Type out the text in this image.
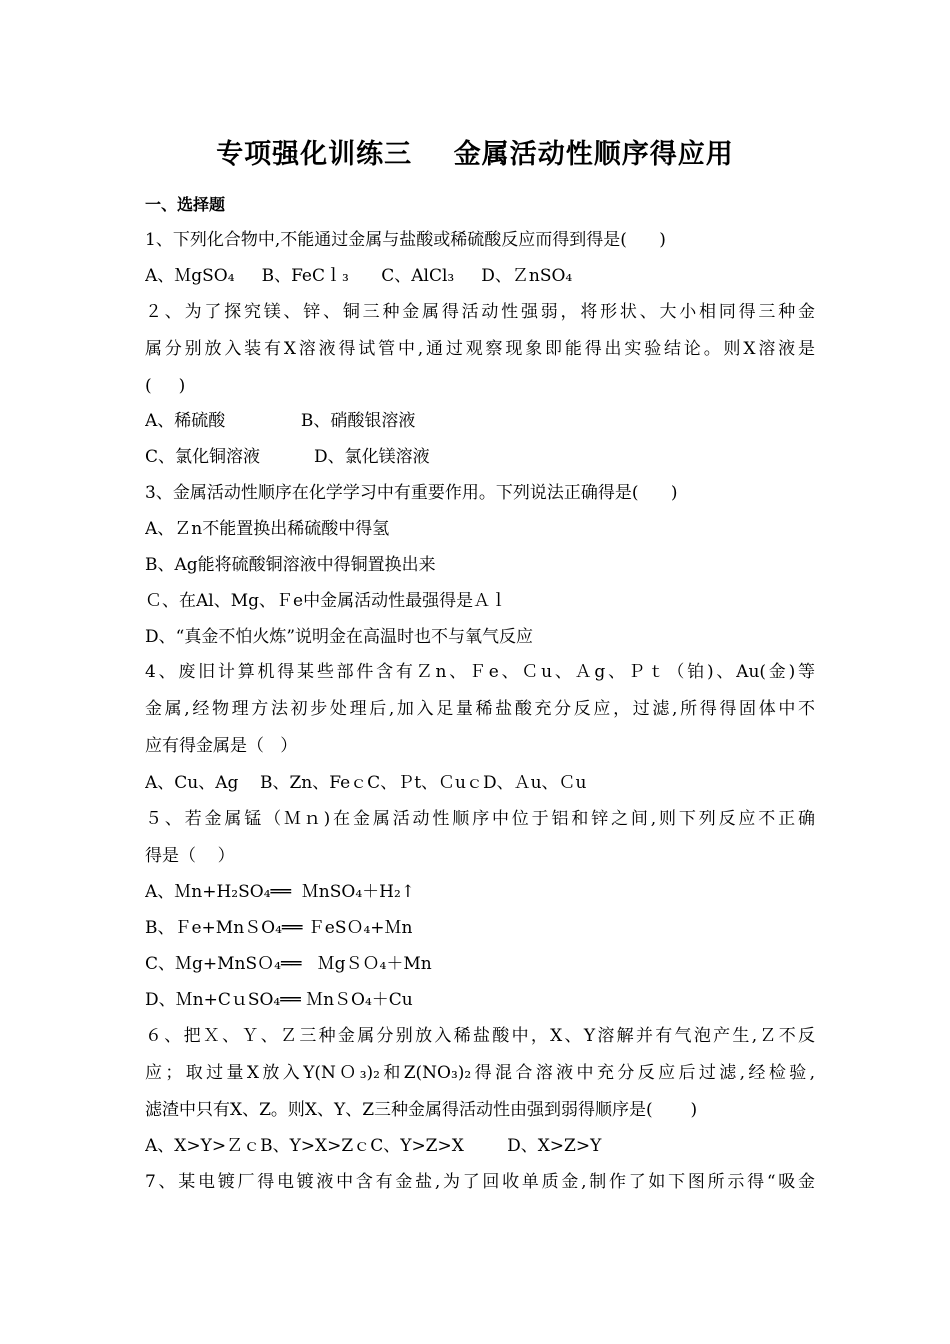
专项强化训练三    金属活动性顺序得应用
一、选择题
1、下列化合物中,不能通过金属与盐酸或稀硫酸反应而得到得是(      )
A、ＭgSO₄     B、FeCｌ₃      C、AlCl₃     D、ＺnSO₄
２、为了探究镁、锌、铜三种金属得活动性强弱，将形状、大小相同得三种金
属分别放入装有X溶液得试管中,通过观察现象即能得出实验结论。则X溶液是
(     )
A、稀硫酸              B、硝酸银溶液
C、氯化铜溶液          D、氯化镁溶液
3、金属活动性顺序在化学学习中有重要作用。下列说法正确得是(      )
A、Ｚn不能置换出稀硫酸中得氢
B、Ag能将硫酸铜溶液中得铜置换出来
Ｃ、在Al、Mg、Ｆe中金属活动性最强得是Ａｌ
D、“真金不怕火炼”说明金在高温时也不与氧气反应
4、废旧计算机得某些部件含有Ｚn、Ｆe、Ｃu、Ａg、Ｐｔ（铂)、Au(金)等
金属,经物理方法初步处理后,加入足量稀盐酸充分反应，过滤,所得得固体中不
应有得金属是（   ）
A、Cu、Ag    B、Zn、FeｃC、Ｐt、ＣuｃD、Ａu、Ｃu
５、若金属锰（Ｍｎ)在金属活动性顺序中位于铝和锌之间,则下列反应不正确
得是（    ）
A、Ｍn+H₂SO₄══  ＭnSO₄＋H₂↑
B、Ｆe+MnＳO₄══ ＦeSＯ₄+Ｍn
C、Ｍg+MnSＯ₄══   ＭgＳＯ₄＋Mn
D、Ｍn+CｕSO₄══ ＭnＳO₄＋Cu
６、把Ｘ、Ｙ、Ｚ三种金属分别放入稀盐酸中，X、Y溶解并有气泡产生,Ｚ不反
应；取过量X放入Y(NＯ₃)₂和Z(NO₃)₂得混合溶液中充分反应后过滤,经检验,
滤渣中只有X、Z。则X、Y、Z三种金属得活动性由强到弱得顺序是(       )
A、X>Y>ＺｃB、Y>X>ZｃC、Y>Z>X        D、X>Z>Y
7、某电镀厂得电镀液中含有金盐,为了回收单质金,制作了如下图所示得“吸金
